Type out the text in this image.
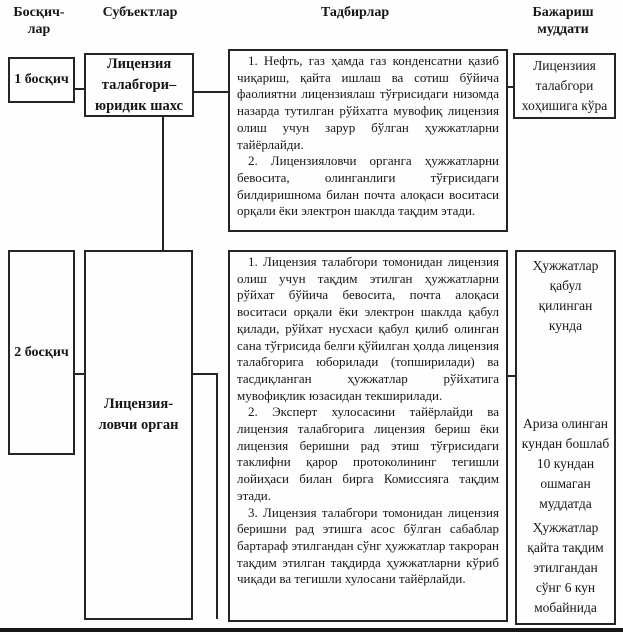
Босқич-
лар
Субъектлар	Тадбирлар	Бажариш
муддати
1 босқич
Лицензия
талабгори–
юридик шахс

1. Нефть, газ ҳамда газ конденсатни қазиб чиқариш, қайта ишлаш ва сотиш бўйича фаолиятни лицензиялаш тўғрисидаги низомда назарда тутилган рўйхатга мувофиқ лицензия олиш учун зарур бўлган ҳужжатларни тайёрлайди.

2. Лицензияловчи органга ҳужжатларни бевосита, олинганлиги тўғрисидаги билдиришнома билан почта алоқаси воситаси орқали ёки электрон шаклда тақдим этади.

Лицензиия
талабгори
хоҳишига кўра
2 босқич
Лицензия-
ловчи орган

1. Лицензия талабгори томонидан лицензия олиш учун тақдим этилган ҳужжатларни рўйхат бўйича бевосита, почта алоқаси воситаси орқали ёки электрон шаклда қабул қилади, рўйхат нусхаси қабул қилиб олинган сана тўғрисида белги қўйилган ҳолда лицензия талабгорига юборилади (топширилади) ва тасдиқланган ҳужжатлар рўйхатига мувофиқлик юзасидан текширилади.

2. Эксперт хулосасини тайёрлайди ва лицензия талабгорига лицензия бериш ёки лицензия беришни рад этиш тўғрисидаги таклифни қарор протоколининг тегишли лойиҳаси билан бирга Комиссияга тақдим этади.

3. Лицензия талабгори томонидан лицензия беришни рад этишга асос бўлган сабаблар бартараф этилгандан сўнг ҳужжатлар такроран тақдим этилган тақдирда ҳужжатларни кўриб чиқади ва тегишли хулосани тайёрлайди.

Ҳужжатлар
қабул
қилинган
кунда
Ариза олинган
кундан бошлаб
10 кундан
ошмаган
муддатда
Ҳужжатлар
қайта тақдим
этилгандан
сўнг 6 кун
мобайнида
